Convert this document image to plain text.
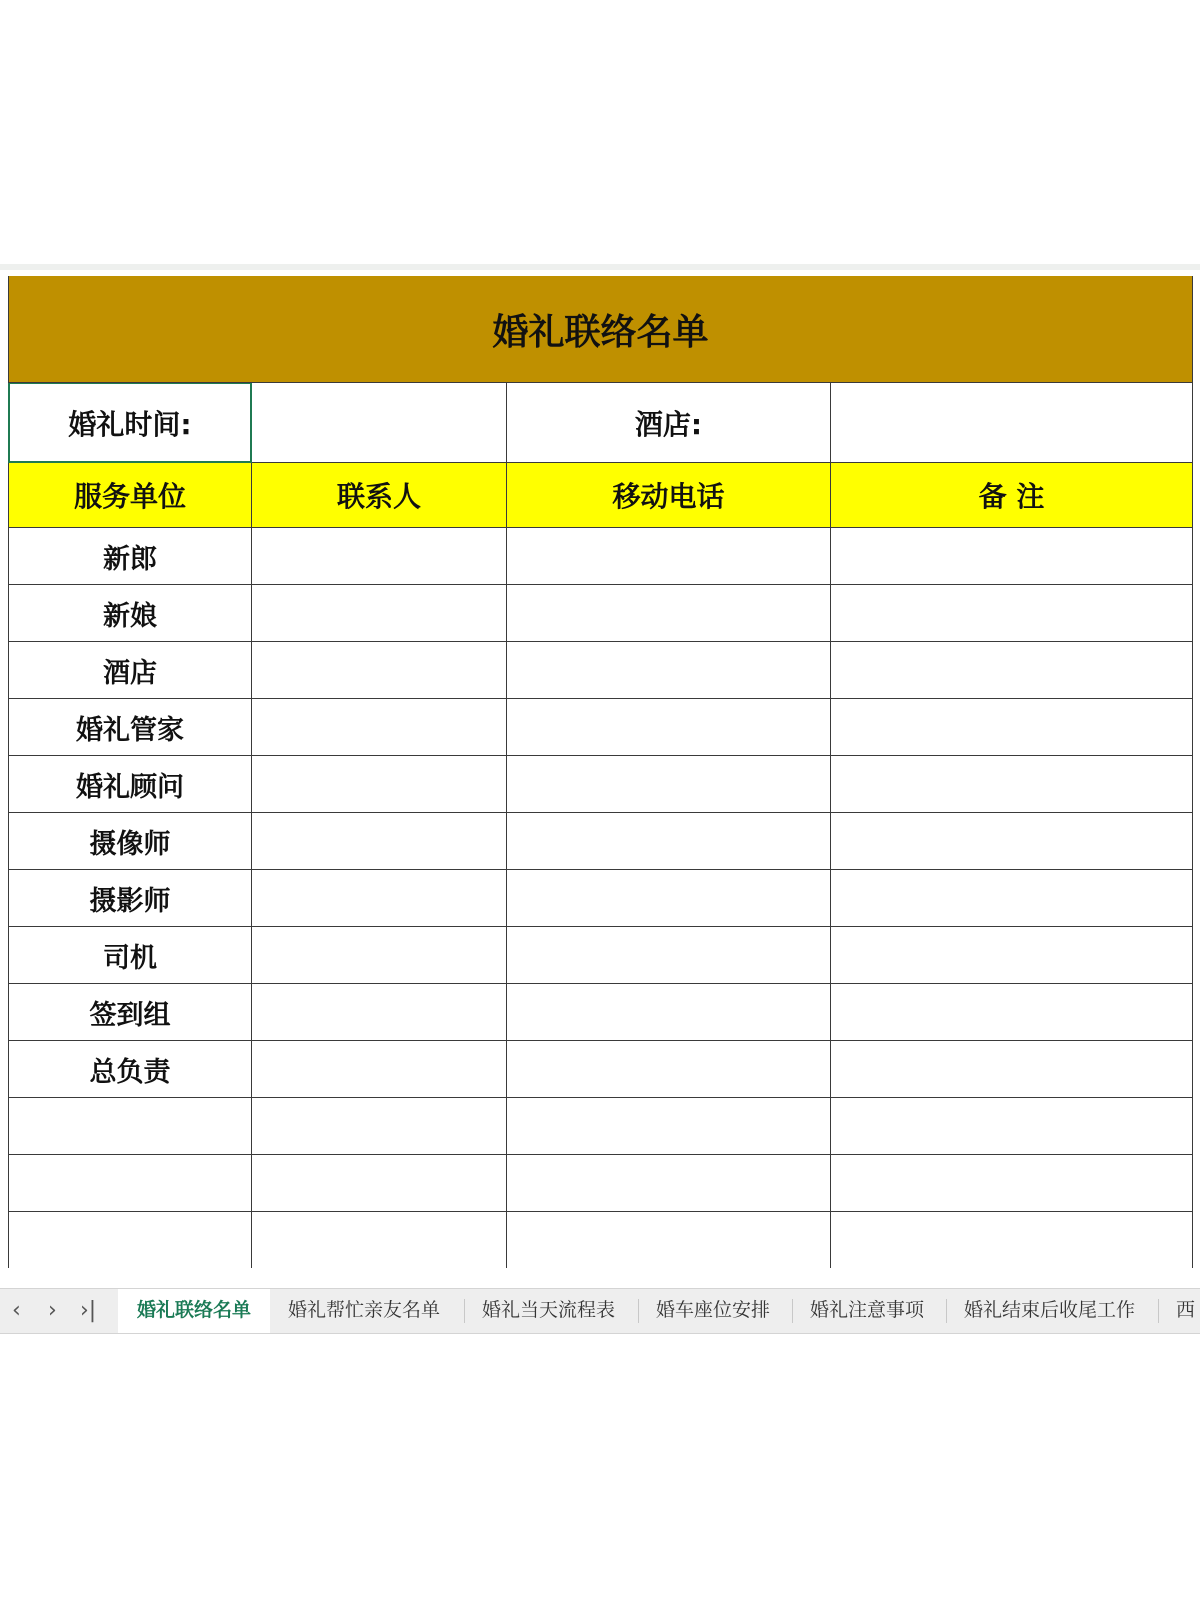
婚礼联络名单			
婚礼时间:		酒店:	
服务单位	联系人	移动电话	备 注
新郎			
新娘			
酒店			
婚礼管家			
婚礼顾问			
摄像师			
摄影师			
司机			
签到组			
总负责			

‹ › ›|	婚礼联络名单	婚礼帮忙亲友名单 婚礼当天流程表 婚车座位安排 婚礼注意事项 婚礼结束后收尾工作 西
